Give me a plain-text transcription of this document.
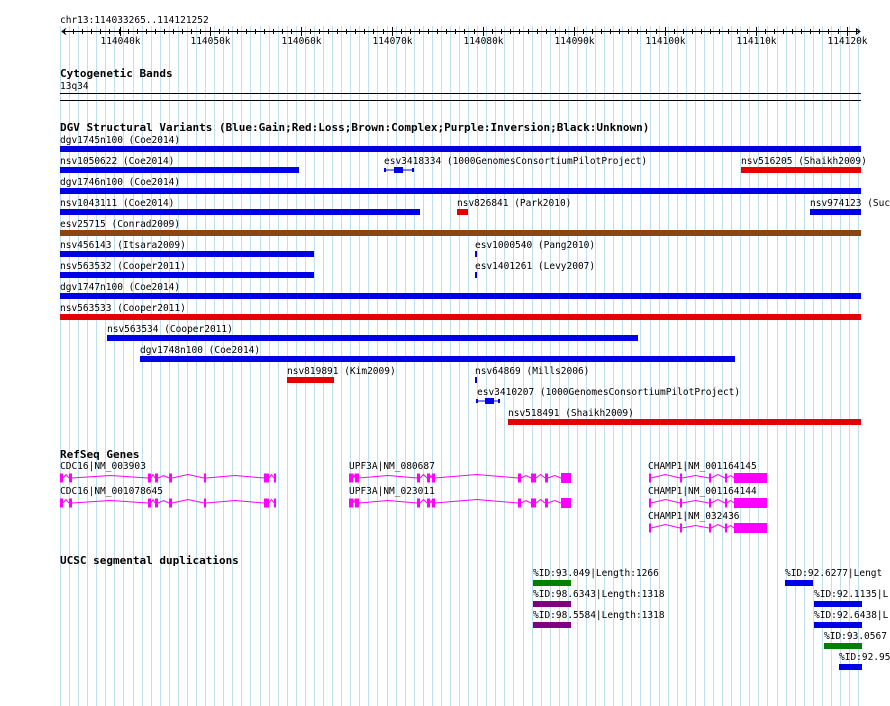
chr13:114033265..114121252
114040k	114050k	114060k	114070k	114080k	114090k	114100k	114110k	114120k
Cytogenetic Bands
13q34
DGV Structural Variants (Blue:Gain;Red:Loss;Brown:Complex;Purple:Inversion;Black:Unknown)
dgv1745n100 (Coe2014)
nsv1050622 (Coe2014)	esv3418334 (1000GenomesConsortiumPilotProject)	nsv516205 (Shaikh2009)
dgv1746n100 (Coe2014)
nsv1043111 (Coe2014)	nsv826841 (Park2010)	nsv974123 (Suc
esv25715 (Conrad2009)
nsv456143 (Itsara2009)	esv1000540 (Pang2010)
nsv563532 (Cooper2011)	esv1401261 (Levy2007)
dgv1747n100 (Coe2014)
nsv563533 (Cooper2011)
nsv563534 (Cooper2011)
dgv1748n100 (Coe2014)
nsv819891 (Kim2009)	nsv64869 (Mills2006)
esv3410207 (1000GenomesConsortiumPilotProject)
nsv518491 (Shaikh2009)
RefSeq Genes
CDC16|NM_003903
CDC16|NM_001078645
UPF3A|NM_080687
UPF3A|NM_023011
CHAMP1|NM_001164145
CHAMP1|NM_001164144
CHAMP1|NM_032436
UCSC segmental duplications
%ID:93.049|Length:1266
%ID:98.6343|Length:1318
%ID:98.5584|Length:1318
%ID:92.6277|Lengt
%ID:92.1135|L
%ID:92.6438|L
%ID:93.0567
%ID:92.95
